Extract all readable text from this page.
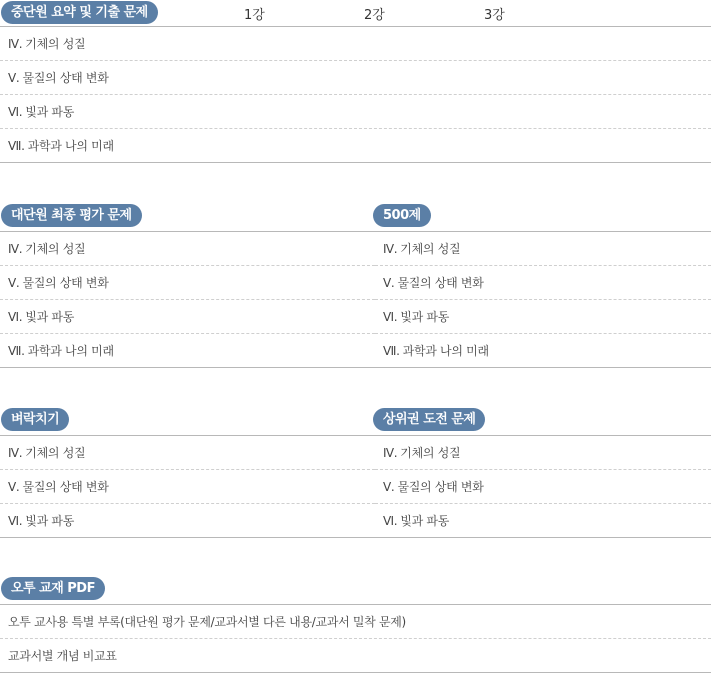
중단원 요약 및 기출 문제	1강	2강	3강
Ⅳ. 기체의 성질
Ⅴ. 물질의 상태 변화
Ⅵ. 빛과 파동
Ⅶ. 과학과 나의 미래
대단원 최종 평가 문제
Ⅳ. 기체의 성질
Ⅴ. 물질의 상태 변화
Ⅵ. 빛과 파동
Ⅶ. 과학과 나의 미래
500제
Ⅳ. 기체의 성질
Ⅴ. 물질의 상태 변화
Ⅵ. 빛과 파동
Ⅶ. 과학과 나의 미래
벼락치기
Ⅳ. 기체의 성질
Ⅴ. 물질의 상태 변화
Ⅵ. 빛과 파동
상위권 도전 문제
Ⅳ. 기체의 성질
Ⅴ. 물질의 상태 변화
Ⅵ. 빛과 파동
오투 교재 PDF
오투 교사용 특별 부록(대단원 평가 문제/교과서별 다른 내용/교과서 밀착 문제)
교과서별 개념 비교표
